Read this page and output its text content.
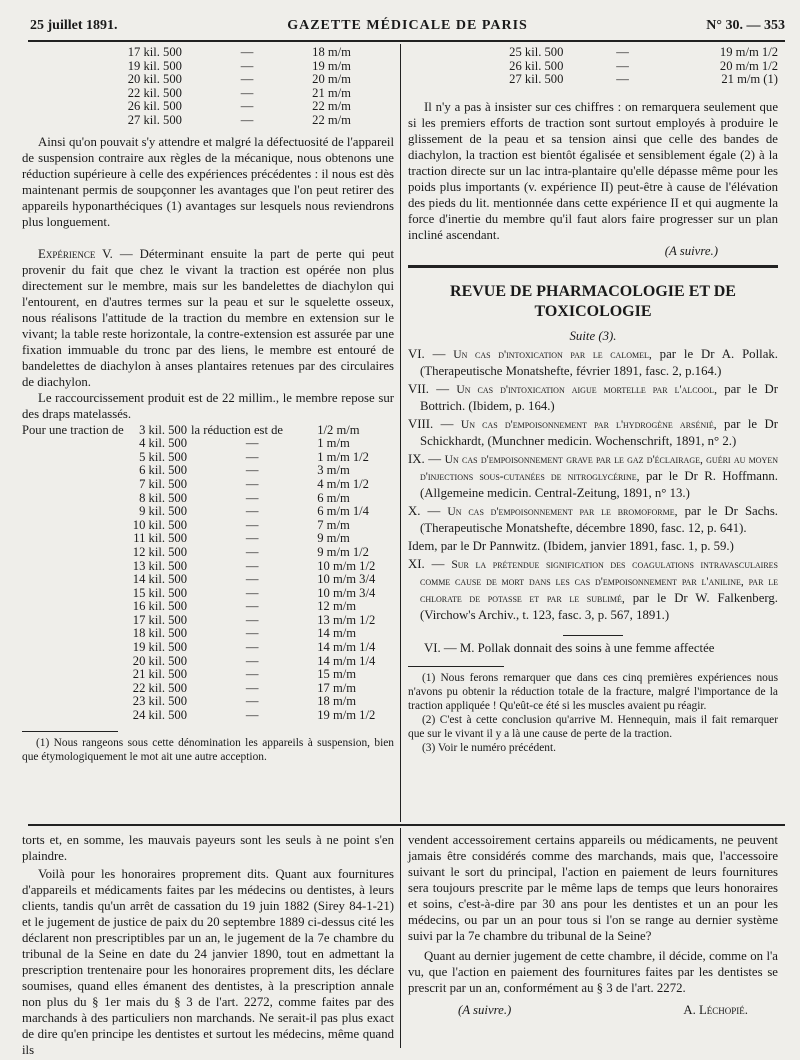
25 juillet 1891.	GAZETTE MÉDICALE DE PARIS	N° 30. — 353
	17 kil. 500	—	18 m/m
	19 kil. 500	—	19 m/m
	20 kil. 500	—	20 m/m
	22 kil. 500	—	21 m/m
	26 kil. 500	—	22 m/m
	27 kil. 500	—	22 m/m

Ainsi qu'on pouvait s'y attendre et malgré la défectuosité de l'appareil de suspension contraire aux règles de la mécanique, nous obtenons une réduction supérieure à celle des expériences précédentes : il nous est dès maintenant permis de soupçonner les avantages que l'on peut retirer des appareils hyponarthéciques (1) avantages sur lesquels nous reviendrons plus longuement.

Expérience V. — Déterminant ensuite la part de perte qui peut provenir du fait que chez le vivant la traction est opérée non plus directement sur le membre, mais sur les bandelettes de diachylon qui l'entourent, en d'autres termes sur la peau et sur le squelette osseux, nous réalisons l'attitude de la traction du membre en extension sur le vivant; la table reste horizontale, la contre-extension est assurée par une fixation immuable du tronc par des liens, le membre est entouré de bandelettes de diachylon à anses plantaires retenues par des circulaires de diachylon.

Le raccourcissement produit est de 22 millim., le membre repose sur des draps matelassés.

Pour une traction de	3 kil. 500	la réduction est de	1/2 m/m
	4 kil. 500	—	1 m/m
	5 kil. 500	—	1 m/m 1/2
	6 kil. 500	—	3 m/m
	7 kil. 500	—	4 m/m 1/2
	8 kil. 500	—	6 m/m
	9 kil. 500	—	6 m/m 1/4
	10 kil. 500	—	7 m/m
	11 kil. 500	—	9 m/m
	12 kil. 500	—	9 m/m 1/2
	13 kil. 500	—	10 m/m 1/2
	14 kil. 500	—	10 m/m 3/4
	15 kil. 500	—	10 m/m 3/4
	16 kil. 500	—	12 m/m
	17 kil. 500	—	13 m/m 1/2
	18 kil. 500	—	14 m/m
	19 kil. 500	—	14 m/m 1/4
	20 kil. 500	—	14 m/m 1/4
	21 kil. 500	—	15 m/m
	22 kil. 500	—	17 m/m
	23 kil. 500	—	18 m/m
	24 kil. 500	—	19 m/m 1/2

(1) Nous rangeons sous cette dénomination les appareils à suspension, bien que étymologiquement le mot ait une autre acception.

25 kil. 500	—	19 m/m 1/2
26 kil. 500	—	20 m/m 1/2
27 kil. 500	—	21 m/m (1)

Il n'y a pas à insister sur ces chiffres : on remarquera seulement que si les premiers efforts de traction sont surtout employés à produire le glissement de la peau et sa tension ainsi que celle des bandes de diachylon, la traction est bientôt égalisée et sensiblement égale (2) à la traction directe sur un lac intra-plantaire qu'elle dépasse même pour les poids plus importants (v. expérience II) peut-être à cause de l'élévation des pieds du lit. mentionnée dans cette expérience II et qui augmente la force d'inertie du membre qu'il faut alors faire progresser sur un plan incliné ascendant.

(A suivre.)

REVUE DE PHARMACOLOGIE ET DE TOXICOLOGIE
Suite (3).

VI. — Un cas d'intoxication par le calomel, par le Dr A. Pollak. (Therapeutische Monatshefte, février 1891, fasc. 2, p.164.)

VII. — Un cas d'intoxication aigue mortelle par l'alcool, par le Dr Bottrich. (Ibidem, p. 164.)

VIII. — Un cas d'empoisonnement par l'hydrogène arsénié, par le Dr Schickhardt, (Munchner medicin. Wochenschrift, 1891, n° 2.)

IX. — Un cas d'empoisonnement grave par le gaz d'éclairage, guéri au moyen d'injections sous-cutanées de nitroglycérine, par le Dr R. Hoffmann. (Allgemeine medicin. Central-Zeitung, 1891, n° 13.)

X. — Un cas d'empoisonnement par le bromoforme, par le Dr Sachs. (Therapeutische Monatshefte, décembre 1890, fasc. 12, p. 641).

Idem, par le Dr Pannwitz. (Ibidem, janvier 1891, fasc. 1, p. 59.)

XI. — Sur la prétendue signification des coagulations intravasculaires comme cause de mort dans les cas d'empoisonnement par l'aniline, par le chlorate de potasse et par le sublimé, par le Dr W. Falkenberg. (Virchow's Archiv., t. 123, fasc. 3, p. 567, 1891.)

VI. — M. Pollak donnait des soins à une femme affectée

(1) Nous ferons remarquer que dans ces cinq premières expériences nous n'avons pu obtenir la réduction totale de la fracture, malgré l'importance de la traction appliquée ! Qu'eût-ce été si les muscles avaient pu réagir.

(2) C'est à cette conclusion qu'arrive M. Hennequin, mais il fait remarquer que sur le vivant il y a là une cause de perte de la traction.

(3) Voir le numéro précédent.

torts et, en somme, les mauvais payeurs sont les seuls à ne point s'en plaindre.

Voilà pour les honoraires proprement dits. Quant aux fournitures d'appareils et médicaments faites par les médecins ou dentistes, à leurs clients, tandis qu'un arrêt de cassation du 19 juin 1882 (Sirey 84-1-21) et le jugement de justice de paix du 20 septembre 1889 ci-dessus cité les déclarent non prescriptibles par un an, le jugement de la 7e chambre du tribunal de la Seine en date du 24 janvier 1890, tout en admettant la prescription trentenaire pour les honoraires proprement dits, les déclare soumises, quand elles émanent des dentistes, à la prescription annale non plus du § 1er mais du § 3 de l'art. 2272, comme faites par des marchands à des particuliers non marchands. Ne serait-il pas plus exact de dire qu'en principe les dentistes et surtout les médecins, même quand ils

vendent accessoirement certains appareils ou médicaments, ne peuvent jamais être considérés comme des marchands, mais que, l'accessoire suivant le sort du principal, l'action en paiement de leurs fournitures sera toujours prescrite par le même laps de temps que leurs honoraires et soins, c'est-à-dire par 30 ans pour les dentistes et un an pour les médecins, ou par un an pour tous si l'on se range au dernier système suivi par la 7e chambre du tribunal de la Seine?

Quant au dernier jugement de cette chambre, il décide, comme on l'a vu, que l'action en paiement des fournitures faites par les dentistes se prescrit par un an, conformément au § 3 de l'art. 2272.

(A suivre.)	A. Léchopié.
